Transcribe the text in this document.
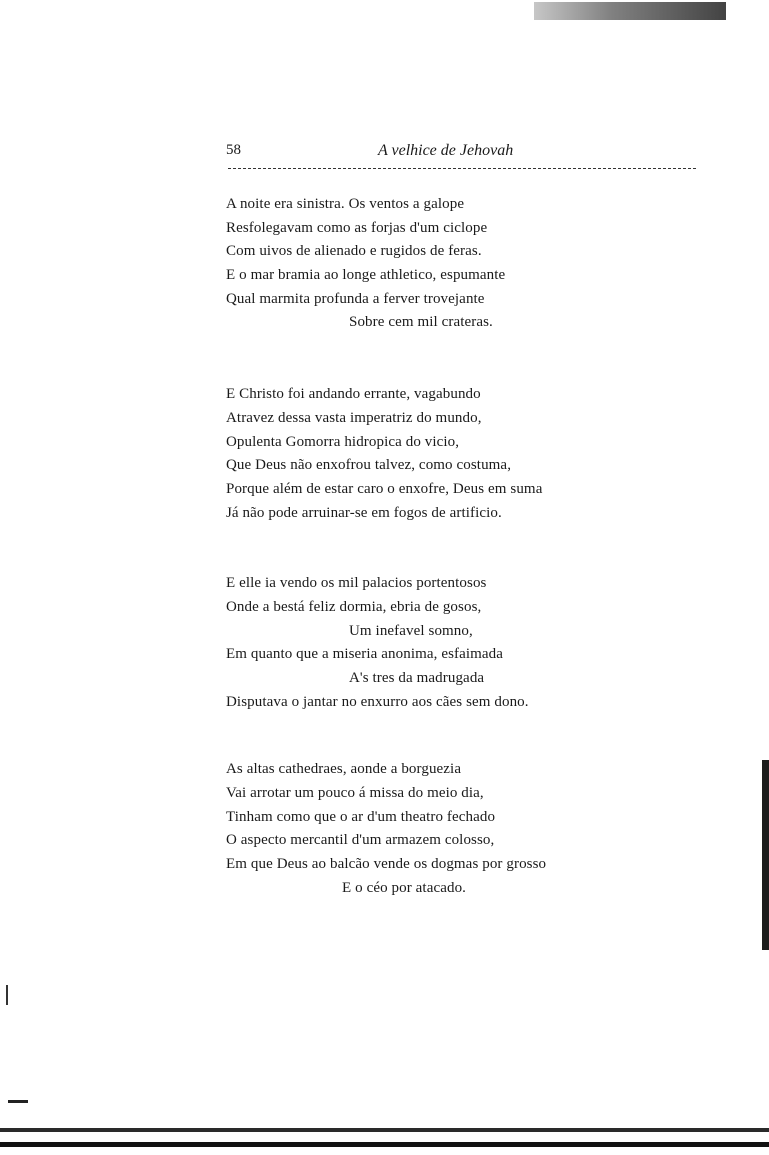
58	A velhice de Jehovah
A noite era sinistra. Os ventos a galope
Resfolegavam como as forjas d'um ciclope
Com uivos de alienado e rugidos de feras.
E o mar bramia ao longe athletico, espumante
Qual marmita profunda a ferver trovejante
Sobre cem mil crateras.
E Christo foi andando errante, vagabundo
Atravez dessa vasta imperatriz do mundo,
Opulenta Gomorra hidropica do vicio,
Que Deus não enxofrou talvez, como costuma,
Porque além de estar caro o enxofre, Deus em suma
Já não pode arruinar-se em fogos de artificio.
E elle ia vendo os mil palacios portentosos
Onde a bestá feliz dormia, ebria de gosos,
Um inefavel somno,
Em quanto que a miseria anonima, esfaimada
A's tres da madrugada
Disputava o jantar no enxurro aos cães sem dono.
As altas cathedraes, aonde a borguezia
Vai arrotar um pouco á missa do meio dia,
Tinham como que o ar d'um theatro fechado
O aspecto mercantil d'um armazem colosso,
Em que Deus ao balcão vende os dogmas por grosso
E o céo por atacado.
